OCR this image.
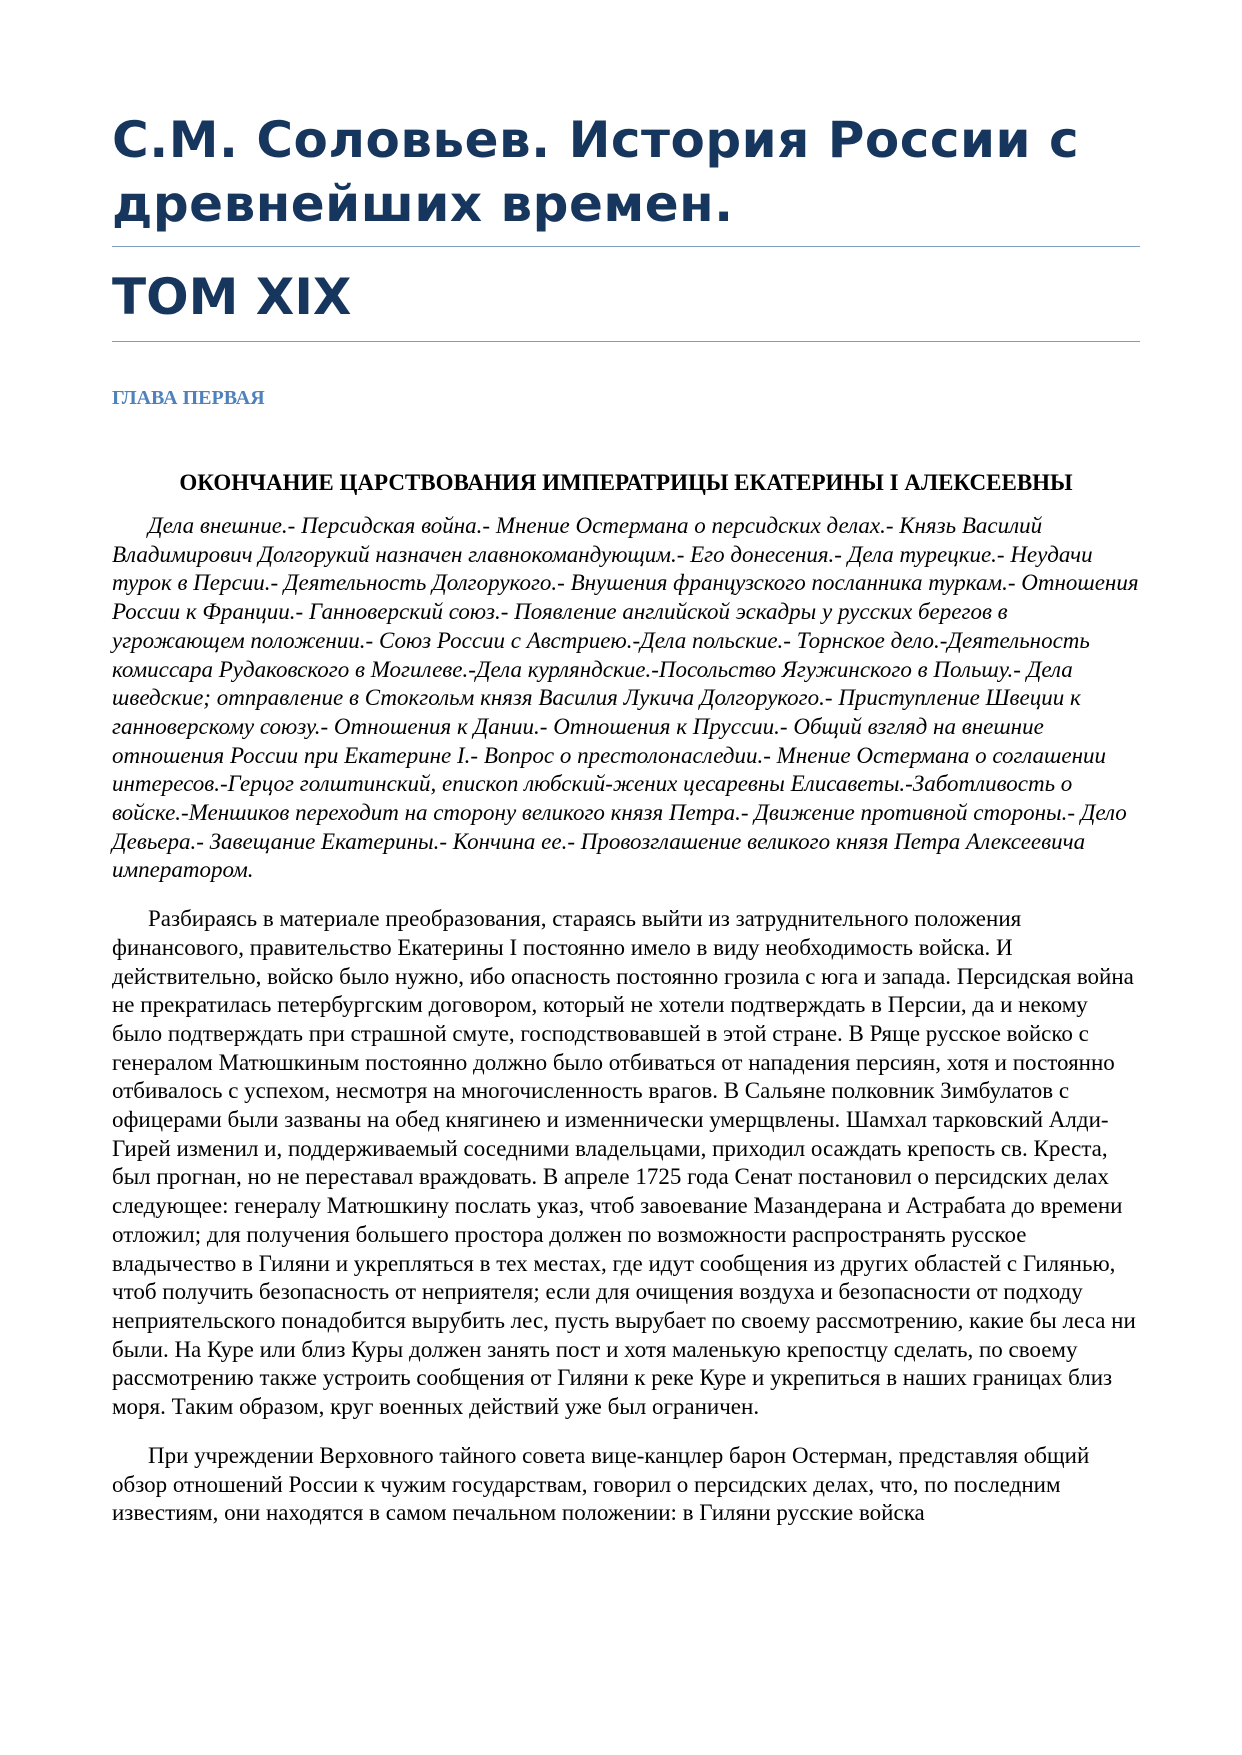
С.М. Соловьев. История России с древнейших времен.
ТОМ XIX
ГЛАВА ПЕРВАЯ
ОКОНЧАНИЕ ЦАРСТВОВАНИЯ ИМПЕРАТРИЦЫ ЕКАТЕРИНЫ I АЛЕКСЕЕВНЫ

Дела внешние.- Персидская война.- Мнение Остермана о персидских делах.- Князь Василий Владимирович Долгорукий назначен главнокомандующим.- Его донесения.- Дела турецкие.- Неудачи турок в Персии.- Деятельность Долгорукого.- Внушения французского посланника туркам.- Отношения России к Франции.- Ганноверский союз.- Появление английской эскадры у русских берегов в угрожающем положении.- Союз России с Австриею.-Дела польские.- Торнское дело.-Деятельность комиссара Рудаковского в Могилеве.-Дела курляндские.-Посольство Ягужинского в Польшу.- Дела шведские; отправление в Стокгольм князя Василия Лукича Долгорукого.- Приступление Швеции к ганноверскому союзу.- Отношения к Дании.- Отношения к Пруссии.- Общий взгляд на внешние отношения России при Екатерине I.- Вопрос о престолонаследии.- Мнение Остермана о соглашении интересов.-Герцог голштинский, епископ любский-жених цесаревны Елисаветы.-Заботливость о войске.-Меншиков переходит на сторону великого князя Петра.- Движение противной стороны.- Дело Девьера.- Завещание Екатерины.- Кончина ее.- Провозглашение великого князя Петра Алексеевича императором.

Разбираясь в материале преобразования, стараясь выйти из затруднительного положения финансового, правительство Екатерины I постоянно имело в виду необходимость войска. И действительно, войско было нужно, ибо опасность постоянно грозила с юга и запада. Персидская война не прекратилась петербургским договором, который не хотели подтверждать в Персии, да и некому было подтверждать при страшной смуте, господствовавшей в этой стране. В Ряще русское войско с генералом Матюшкиным постоянно должно было отбиваться от нападения персиян, хотя и постоянно отбивалось с успехом, несмотря на многочисленность врагов. В Сальяне полковник Зимбулатов с офицерами были зазваны на обед княгинею и изменнически умерщвлены. Шамхал тарковский Алди-Гирей изменил и, поддерживаемый соседними владельцами, приходил осаждать крепость св. Креста, был прогнан, но не переставал враждовать. В апреле 1725 года Сенат постановил о персидских делах следующее: генералу Матюшкину послать указ, чтоб завоевание Мазандерана и Астрабата до времени отложил; для получения большего простора должен по возможности распространять русское владычество в Гиляни и укрепляться в тех местах, где идут сообщения из других областей с Гилянью, чтоб получить безопасность от неприятеля; если для очищения воздуха и безопасности от подходу неприятельского понадобится вырубить лес, пусть вырубает по своему рассмотрению, какие бы леса ни были. На Куре или близ Куры должен занять пост и хотя маленькую крепостцу сделать, по своему рассмотрению также устроить сообщения от Гиляни к реке Куре и укрепиться в наших границах близ моря. Таким образом, круг военных действий уже был ограничен.

При учреждении Верховного тайного совета вице-канцлер барон Остерман, представляя общий обзор отношений России к чужим государствам, говорил о персидских делах, что, по последним известиям, они находятся в самом печальном положении: в Гиляни русские войска
